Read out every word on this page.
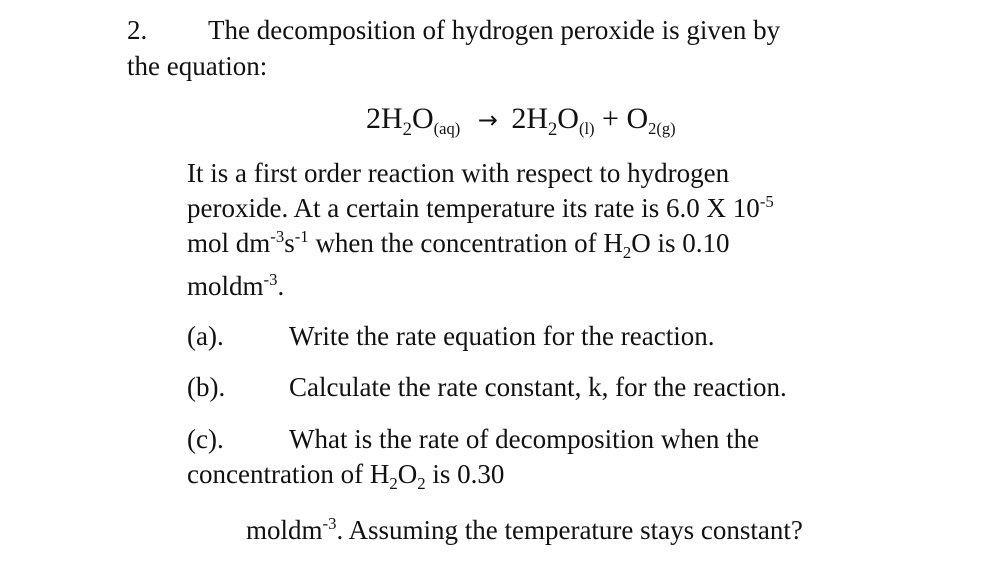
2. The decomposition of hydrogen peroxide is given by
the equation:
$2H_2O_{(aq)} \to 2H_2O_{(l)} + O_{2(g)}$
It is a first order reaction with respect to hydrogen
peroxide. At a certain temperature its rate is 6.0 X $10^{-5}$
mol $dm^{-3}s^{-1}$ when the concentration of $H_2O$ is 0.10
moldm$^{-3}$.
(a). Write the rate equation for the reaction.
(b). Calculate the rate constant, k, for the reaction.
(c). What is the rate of decomposition when the
concentration of $H_2O_2$ is 0.30
moldm$^{-3}$. Assuming the temperature stays constant?
